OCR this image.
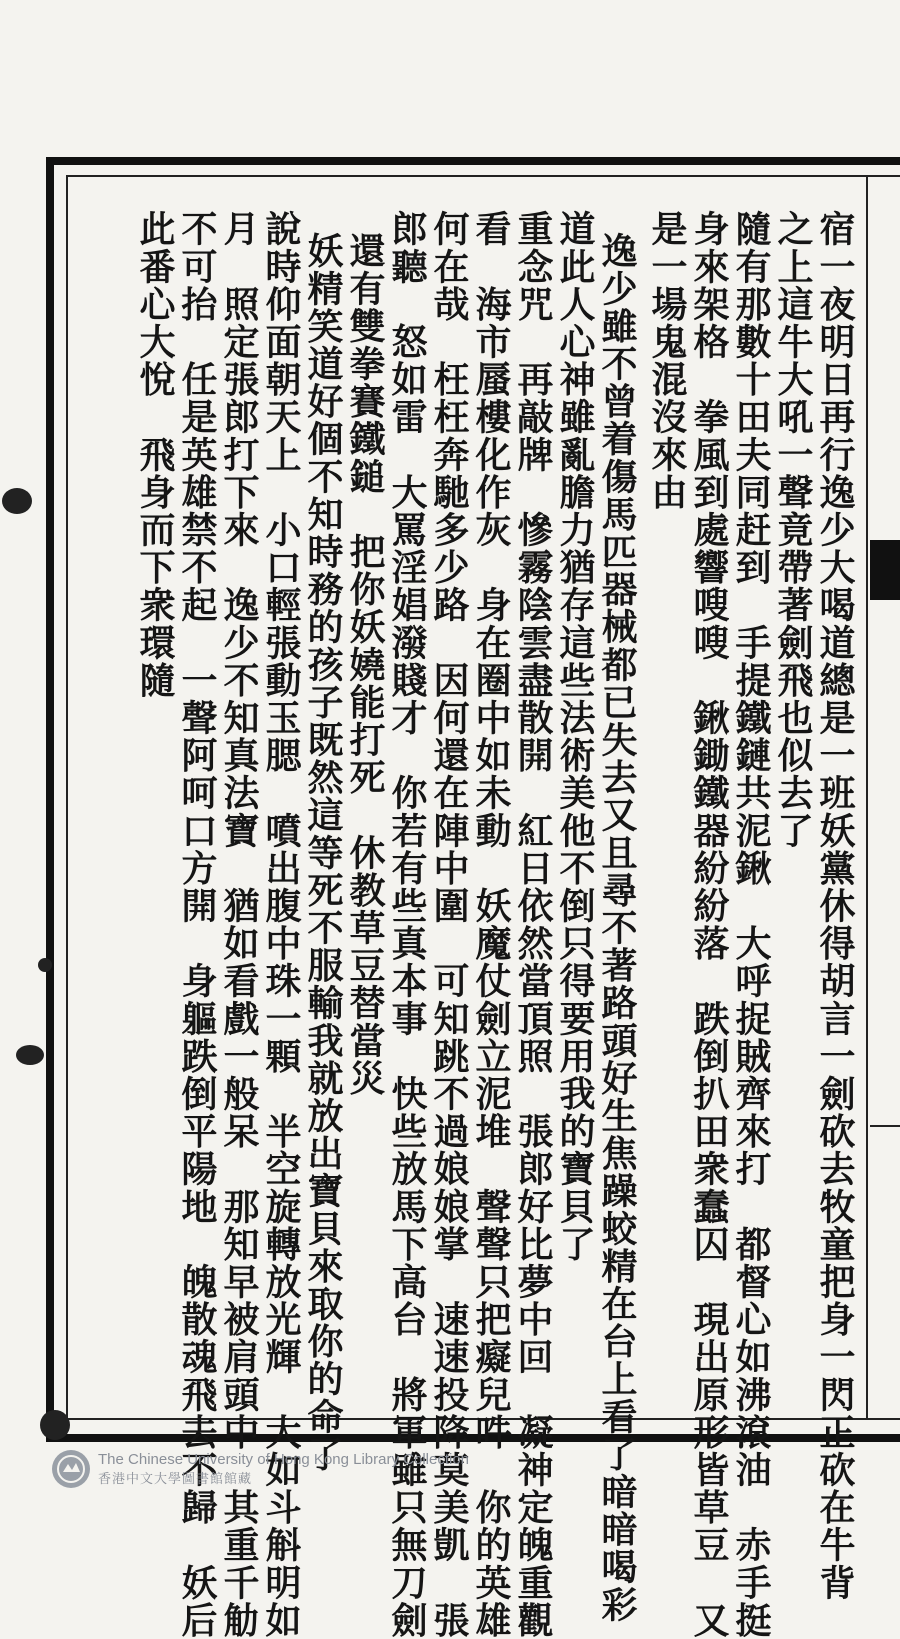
宿一夜明日再行逸少大喝道總是一班妖黨休得胡言一劍砍去牧童把身一閃正砍在牛背
之上這牛大吼一聲竟帶著劍飛也似去了
隨有那數十田夫同赶到　手提鐵鏈共泥鍬　大呼捉賊齊來打　都督心如沸滾油　赤手挺
身來架格　拳風到處響嗖嗖　鍬鋤鐵器紛紛落　跌倒扒田衆蠢囚　現出原形皆草豆　又
是一場鬼混沒來由
逸少雖不曾着傷馬匹器械都已失去又且尋不著路頭好生焦躁蛟精在台上看了暗暗喝彩
道此人心神雖亂膽力猶存這些法術美他不倒只得要用我的寶貝了
重念咒　再敲牌　慘霧陰雲盡散開　紅日依然當頂照　張郎好比夢中回　凝神定魄重觀
看　海市蜃樓化作灰　身在圈中如未動　妖魔仗劍立泥堆　聲聲只把癡兒吽　你的英雄
何在哉　枉枉奔馳多少路　因何還在陣中圍　可知跳不過娘娘掌　速速投降莫美凱　張
郎聽　怒如雷　大罵淫娼潑賤才　你若有些真本事　快些放馬下高台　將軍雖只無刀劍
還有雙拳賽鐵鎚　把你妖嬈能打死　休教草豆替當災
妖精笑道好個不知時務的孩子既然這等死不服輸我就放出寶貝來取你的命了
說時仰面朝天上　小口輕張動玉腮　噴出腹中珠一顆　半空旋轉放光輝　大如斗斛明如
月　照定張郎打下來　逸少不知真法寶　猶如看戲一般呆　那知早被肩頭中　其重千觔
不可抬　任是英雄禁不起　一聲阿呵口方開　身軀跌倒平陽地　魄散魂飛去不歸　妖后
此番心大悅　飛身而下衆環隨
The Chinese University of Hong Kong Library Collection
香港中文大學圖書館館藏
